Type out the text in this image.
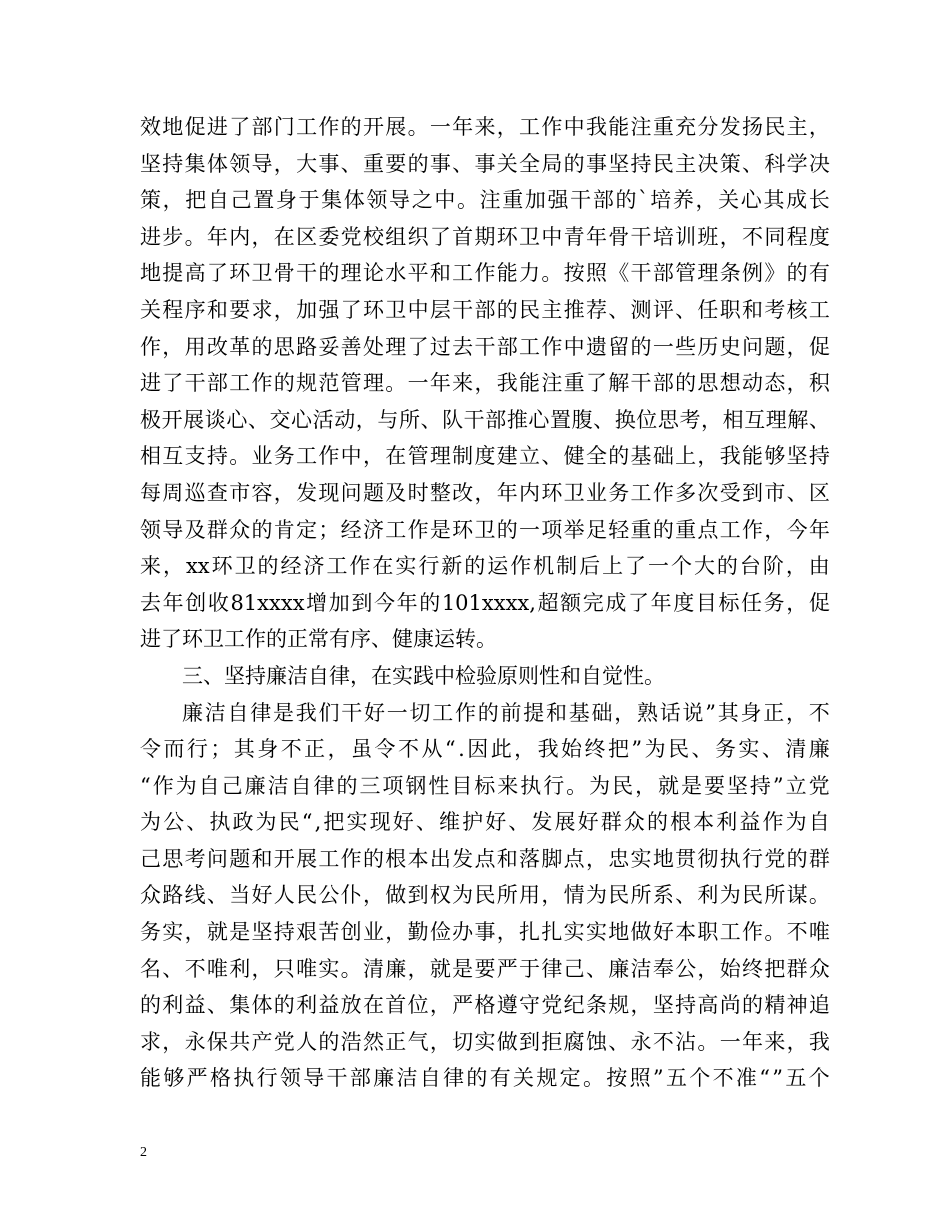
效 地 促 进 了 部 门 工 作 的 开 展 。 一 年 来 ， 工 作 中 我 能 注 重 充 分 发 扬 民 主 ，
坚 持 集 体 领 导 ， 大 事 、 重 要 的 事 、 事 关 全 局 的 事 坚 持 民 主 决 策 、 科 学 决
策 ， 把 自 己 置 身 于 集 体 领 导 之 中 。 注 重 加 强 干 部 的 ` 培 养 ， 关 心 其 成 长
进 步 。 年 内 ， 在 区 委 党 校 组 织 了 首 期 环 卫 中 青 年 骨 干 培 训 班 ， 不 同 程 度
地 提 高 了 环 卫 骨 干 的 理 论 水 平 和 工 作 能 力 。 按 照 《 干 部 管 理 条 例 》 的 有
关 程 序 和 要 求 ， 加 强 了 环 卫 中 层 干 部 的 民 主 推 荐 、 测 评 、 任 职 和 考 核 工
作 ， 用 改 革 的 思 路 妥 善 处 理 了 过 去 干 部 工 作 中 遗 留 的 一 些 历 史 问 题 ， 促
进 了 干 部 工 作 的 规 范 管 理 。 一 年 来 ， 我 能 注 重 了 解 干 部 的 思 想 动 态 ， 积
极 开 展 谈 心 、 交 心 活 动 ， 与 所 、 队 干 部 推 心 置 腹 、 换 位 思 考 ， 相 互 理 解 、
相 互 支 持 。 业 务 工 作 中 ， 在 管 理 制 度 建 立 、 健 全 的 基 础 上 ， 我 能 够 坚 持
每 周 巡 查 市 容 ， 发 现 问 题 及 时 整 改 ， 年 内 环 卫 业 务 工 作 多 次 受 到 市 、 区
领 导 及 群 众 的 肯 定 ； 经 济 工 作 是 环 卫 的 一 项 举 足 轻 重 的 重 点 工 作 ， 今 年
来 ， xx 环 卫 的 经 济 工 作 在 实 行 新 的 运 作 机 制 后 上 了 一 个 大 的 台 阶 ， 由
去 年 创 收 81xxxx 增 加 到 今 年 的 101xxxx, 超 额 完 成 了 年 度 目 标 任 务 ， 促
进了环卫工作的正常有序、健康运转。
三、坚持廉洁自律，在实践中检验原则性和自觉性。
廉 洁 自 律 是 我 们 干 好 一 切 工 作 的 前 提 和 基 础 ， 熟 话 说 ” 其 身 正 ， 不
令 而 行 ； 其 身 不 正 ， 虽 令 不 从 “ . 因 此 ， 我 始 终 把 ” 为 民 、 务 实 、 清 廉
“ 作 为 自 己 廉 洁 自 律 的 三 项 钢 性 目 标 来 执 行 。 为 民 ， 就 是 要 坚 持 ” 立 党
为 公 、 执 政 为 民 “ , 把 实 现 好 、 维 护 好 、 发 展 好 群 众 的 根 本 利 益 作 为 自
己 思 考 问 题 和 开 展 工 作 的 根 本 出 发 点 和 落 脚 点 ， 忠 实 地 贯 彻 执 行 党 的 群
众 路 线 、 当 好 人 民 公 仆 ， 做 到 权 为 民 所 用 ， 情 为 民 所 系 、 利 为 民 所 谋 。
务 实 ， 就 是 坚 持 艰 苦 创 业 ， 勤 俭 办 事 ， 扎 扎 实 实 地 做 好 本 职 工 作 。 不 唯
名 、 不 唯 利 ， 只 唯 实 。 清 廉 ， 就 是 要 严 于 律 己 、 廉 洁 奉 公 ， 始 终 把 群 众
的 利 益 、 集 体 的 利 益 放 在 首 位 ， 严 格 遵 守 党 纪 条 规 ， 坚 持 高 尚 的 精 神 追
求 ， 永 保 共 产 党 人 的 浩 然 正 气 ， 切 实 做 到 拒 腐 蚀 、 永 不 沾 。 一 年 来 ， 我
能 够 严 格 执 行 领 导 干 部 廉 洁 自 律 的 有 关 规 定 。 按 照 ” 五 个 不 准 “ ” 五 个
2
